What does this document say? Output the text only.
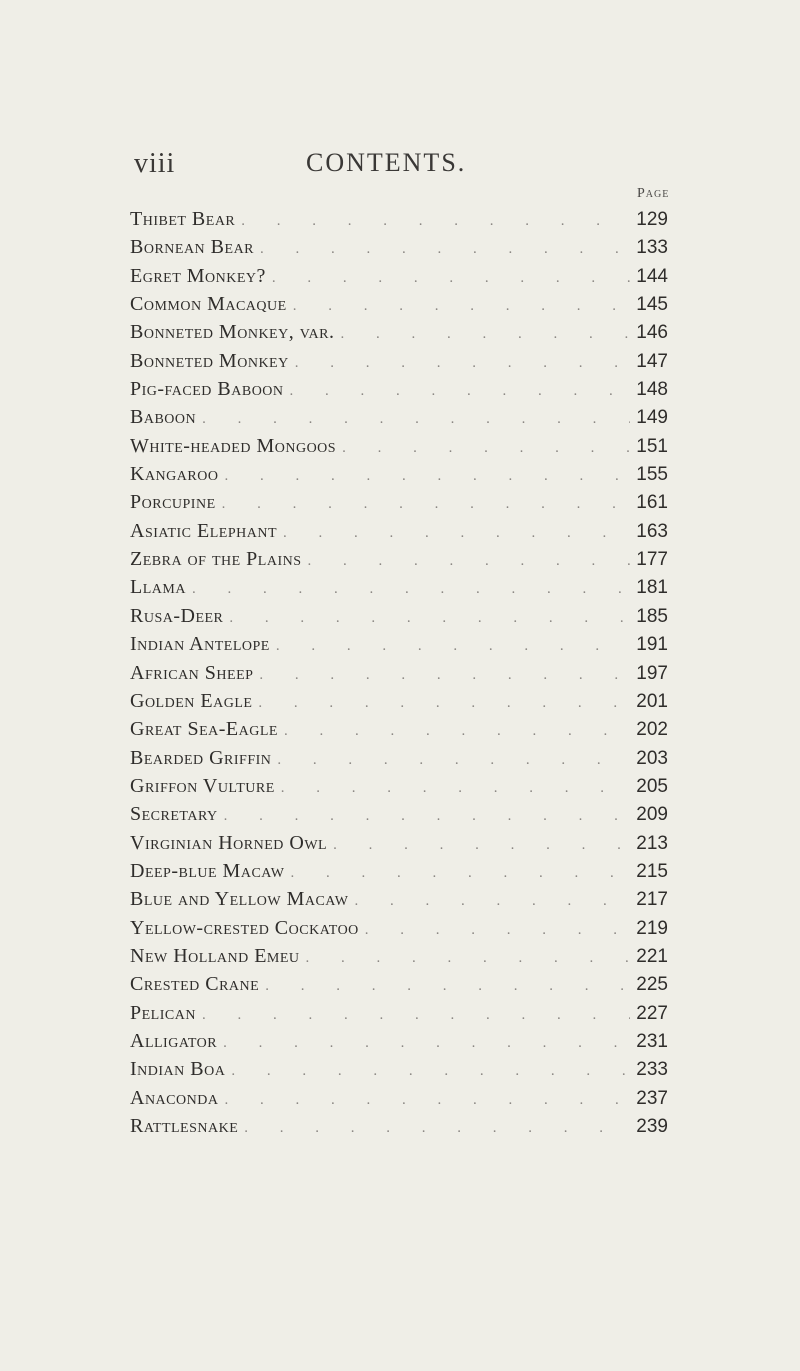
viii	CONTENTS.
Page
Thibet Bear . . .	129
Bornean Bear . . .	133
Egret Monkey? . . .	144
Common Macaque . . .	145
Bonneted Monkey, var. . . .	146
Bonneted Monkey . . .	147
Pig-faced Baboon . . .	148
Baboon . . .	149
White-headed Mongoos . . .	151
Kangaroo . . .	155
Porcupine . . .	161
Asiatic Elephant . . .	163
Zebra of the Plains . . .	177
Llama . . .	181
Rusa-Deer . . .	185
Indian Antelope . . .	191
African Sheep . . .	197
Golden Eagle . . .	201
Great Sea-Eagle . . .	202
Bearded Griffin . . .	203
Griffon Vulture . . .	205
Secretary . . .	209
Virginian Horned Owl . . .	213
Deep-blue Macaw . . .	215
Blue and Yellow Macaw . . .	217
Yellow-crested Cockatoo . . .	219
New Holland Emeu . . .	221
Crested Crane . . .	225
Pelican . . .	227
Alligator . . .	231
Indian Boa . . .	233
Anaconda . . .	237
Rattlesnake . . .	239
